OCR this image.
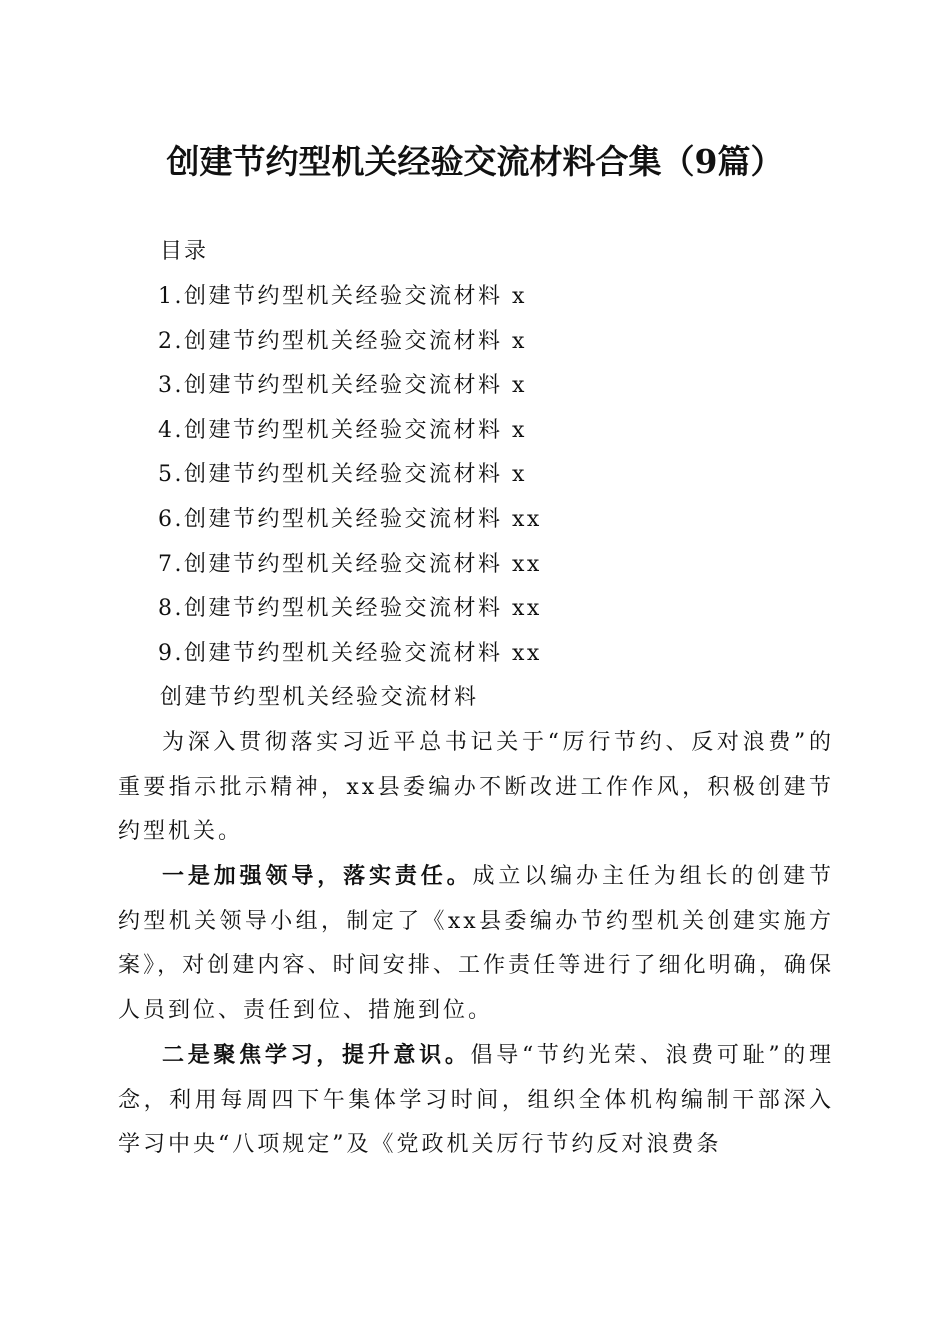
创建节约型机关经验交流材料合集（9篇）
目录
1.创建节约型机关经验交流材料 x
2.创建节约型机关经验交流材料 x
3.创建节约型机关经验交流材料 x
4.创建节约型机关经验交流材料 x
5.创建节约型机关经验交流材料 x
6.创建节约型机关经验交流材料 xx
7.创建节约型机关经验交流材料 xx
8.创建节约型机关经验交流材料 xx
9.创建节约型机关经验交流材料 xx
创建节约型机关经验交流材料

为深入贯彻落实习近平总书记关于“厉行节约、反对浪费”的重要指示批示精神，xx县委编办不断改进工作作风，积极创建节约型机关。

一是加强领导，落实责任。成立以编办主任为组长的创建节约型机关领导小组，制定了《xx县委编办节约型机关创建实施方案》，对创建内容、时间安排、工作责任等进行了细化明确，确保人员到位、责任到位、措施到位。

二是聚焦学习，提升意识。倡导“节约光荣、浪费可耻”的理念，利用每周四下午集体学习时间，组织全体机构编制干部深入学习中央“八项规定”及《党政机关厉行节约反对浪费条
